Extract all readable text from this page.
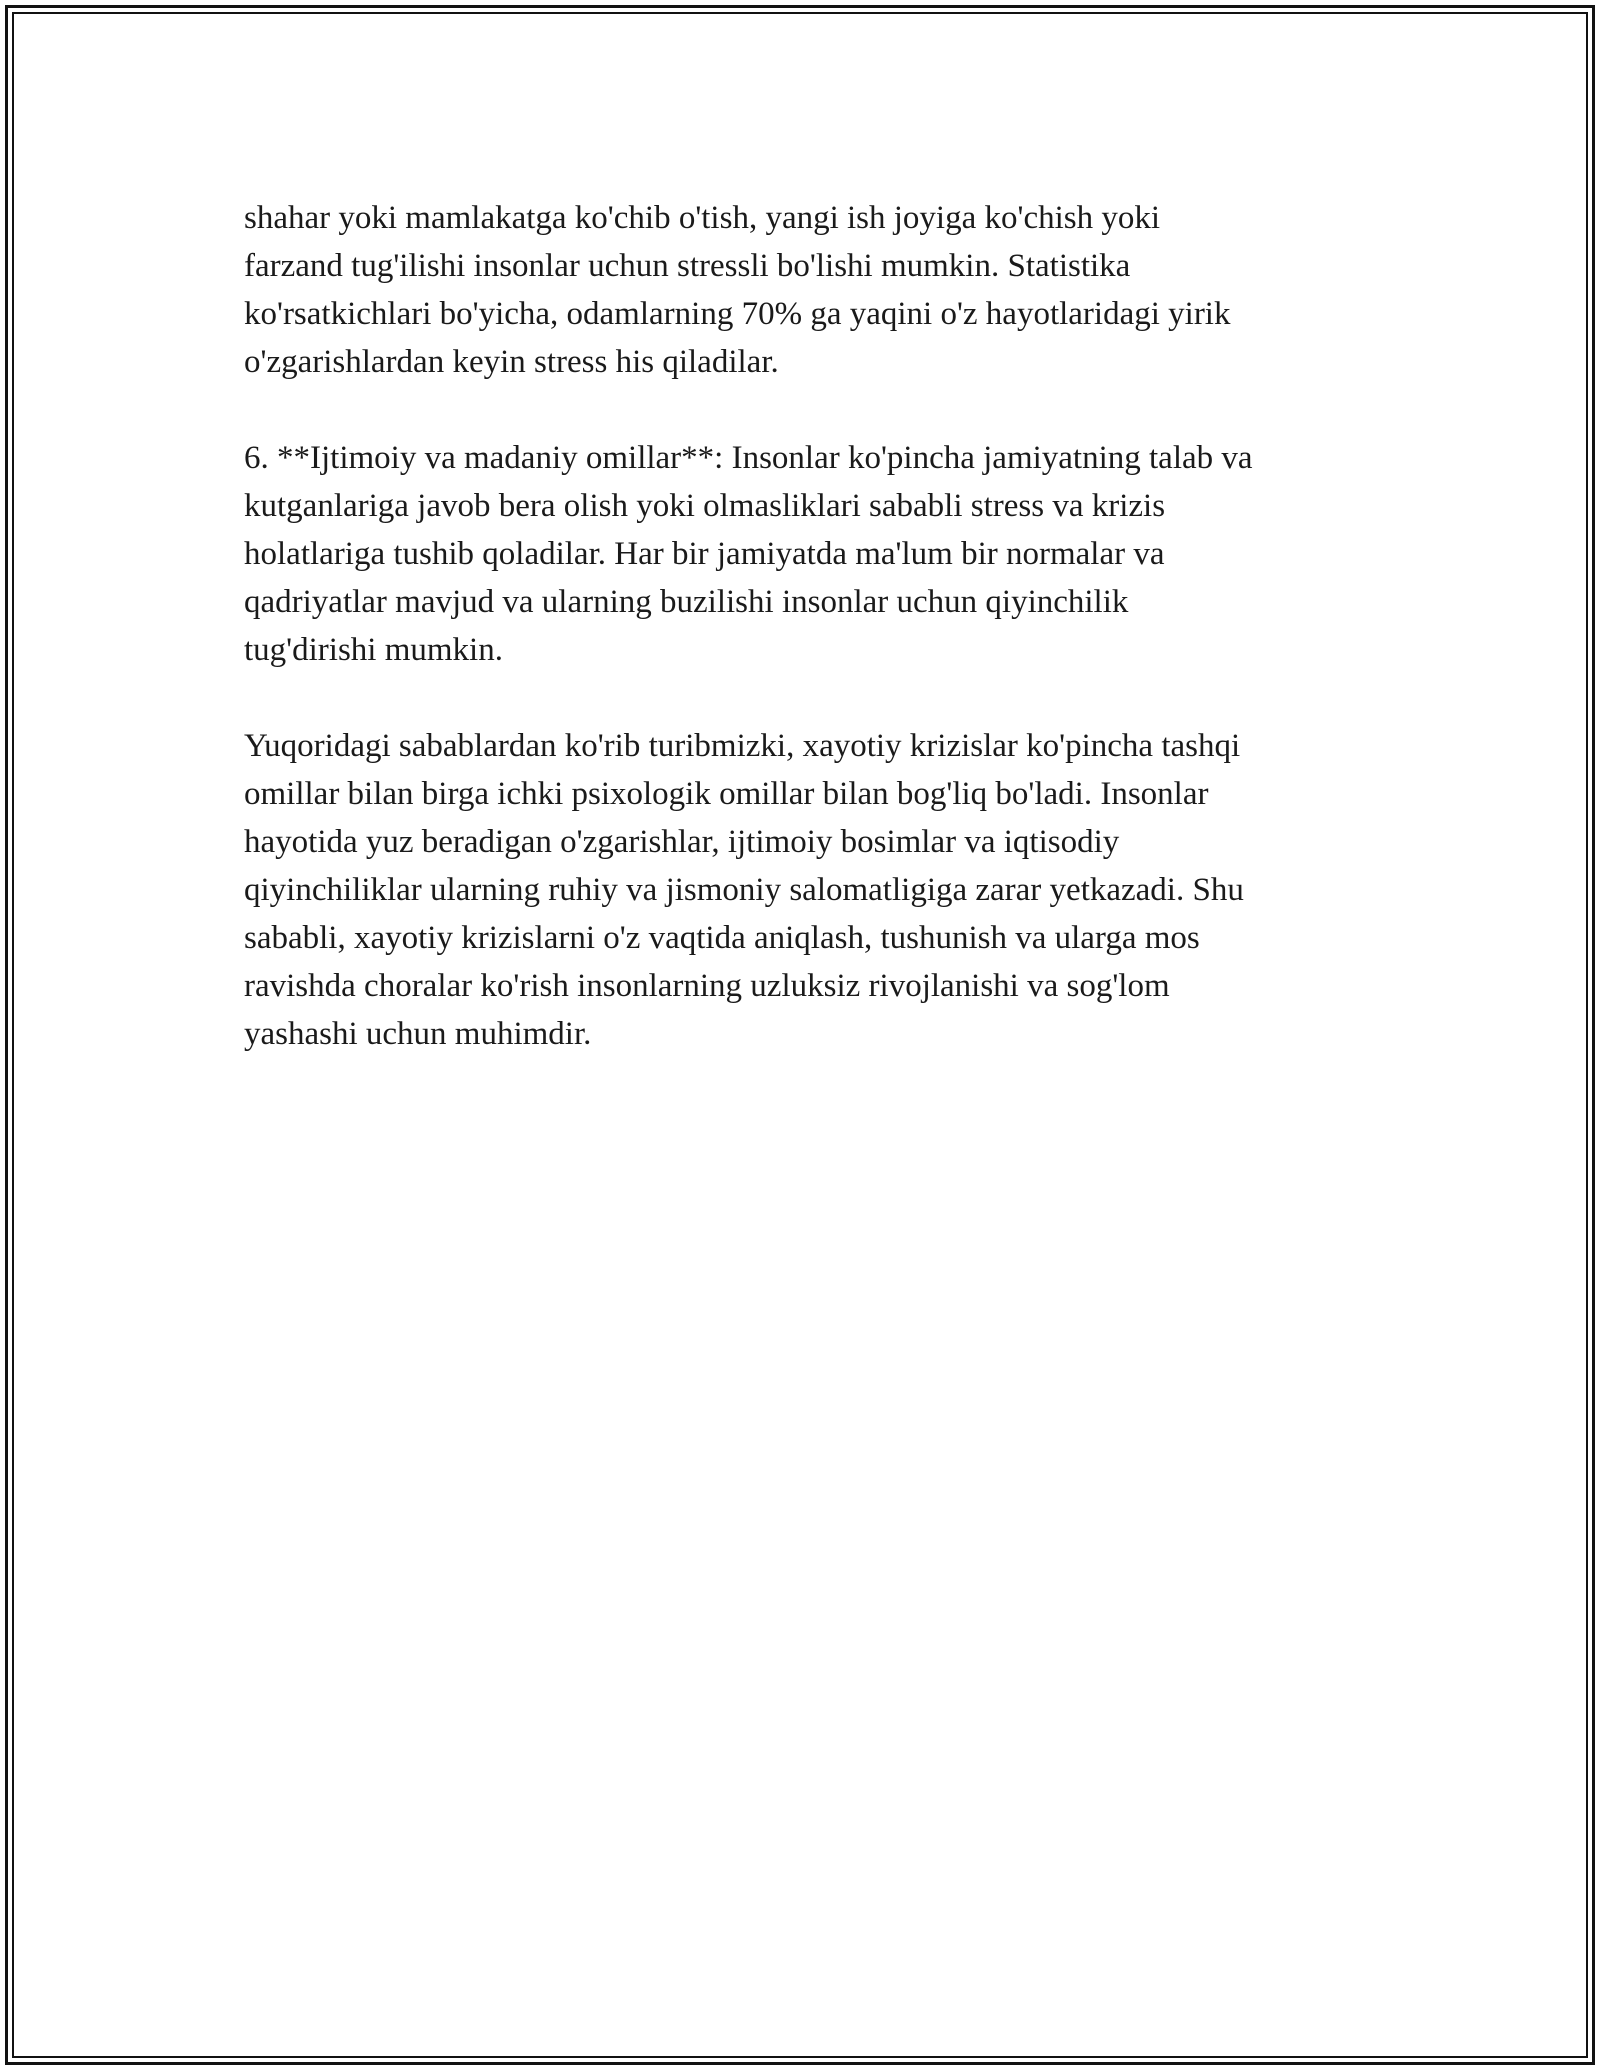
shahar yoki mamlakatga ko'chib o'tish, yangi ish joyiga ko'chish yoki
farzand tug'ilishi insonlar uchun stressli bo'lishi mumkin. Statistika
ko'rsatkichlari bo'yicha, odamlarning 70% ga yaqini o'z hayotlaridagi yirik
o'zgarishlardan keyin stress his qiladilar.

6. **Ijtimoiy va madaniy omillar**: Insonlar ko'pincha jamiyatning talab va
kutganlariga javob bera olish yoki olmasliklari sababli stress va krizis
holatlariga tushib qoladilar. Har bir jamiyatda ma'lum bir normalar va
qadriyatlar mavjud va ularning buzilishi insonlar uchun qiyinchilik
tug'dirishi mumkin.

Yuqoridagi sabablardan ko'rib turibmizki, xayotiy krizislar ko'pincha tashqi
omillar bilan birga ichki psixologik omillar bilan bog'liq bo'ladi. Insonlar
hayotida yuz beradigan o'zgarishlar, ijtimoiy bosimlar va iqtisodiy
qiyinchiliklar ularning ruhiy va jismoniy salomatligiga zarar yetkazadi. Shu
sababli, xayotiy krizislarni o'z vaqtida aniqlash, tushunish va ularga mos
ravishda choralar ko'rish insonlarning uzluksiz rivojlanishi va sog'lom
yashashi uchun muhimdir.
